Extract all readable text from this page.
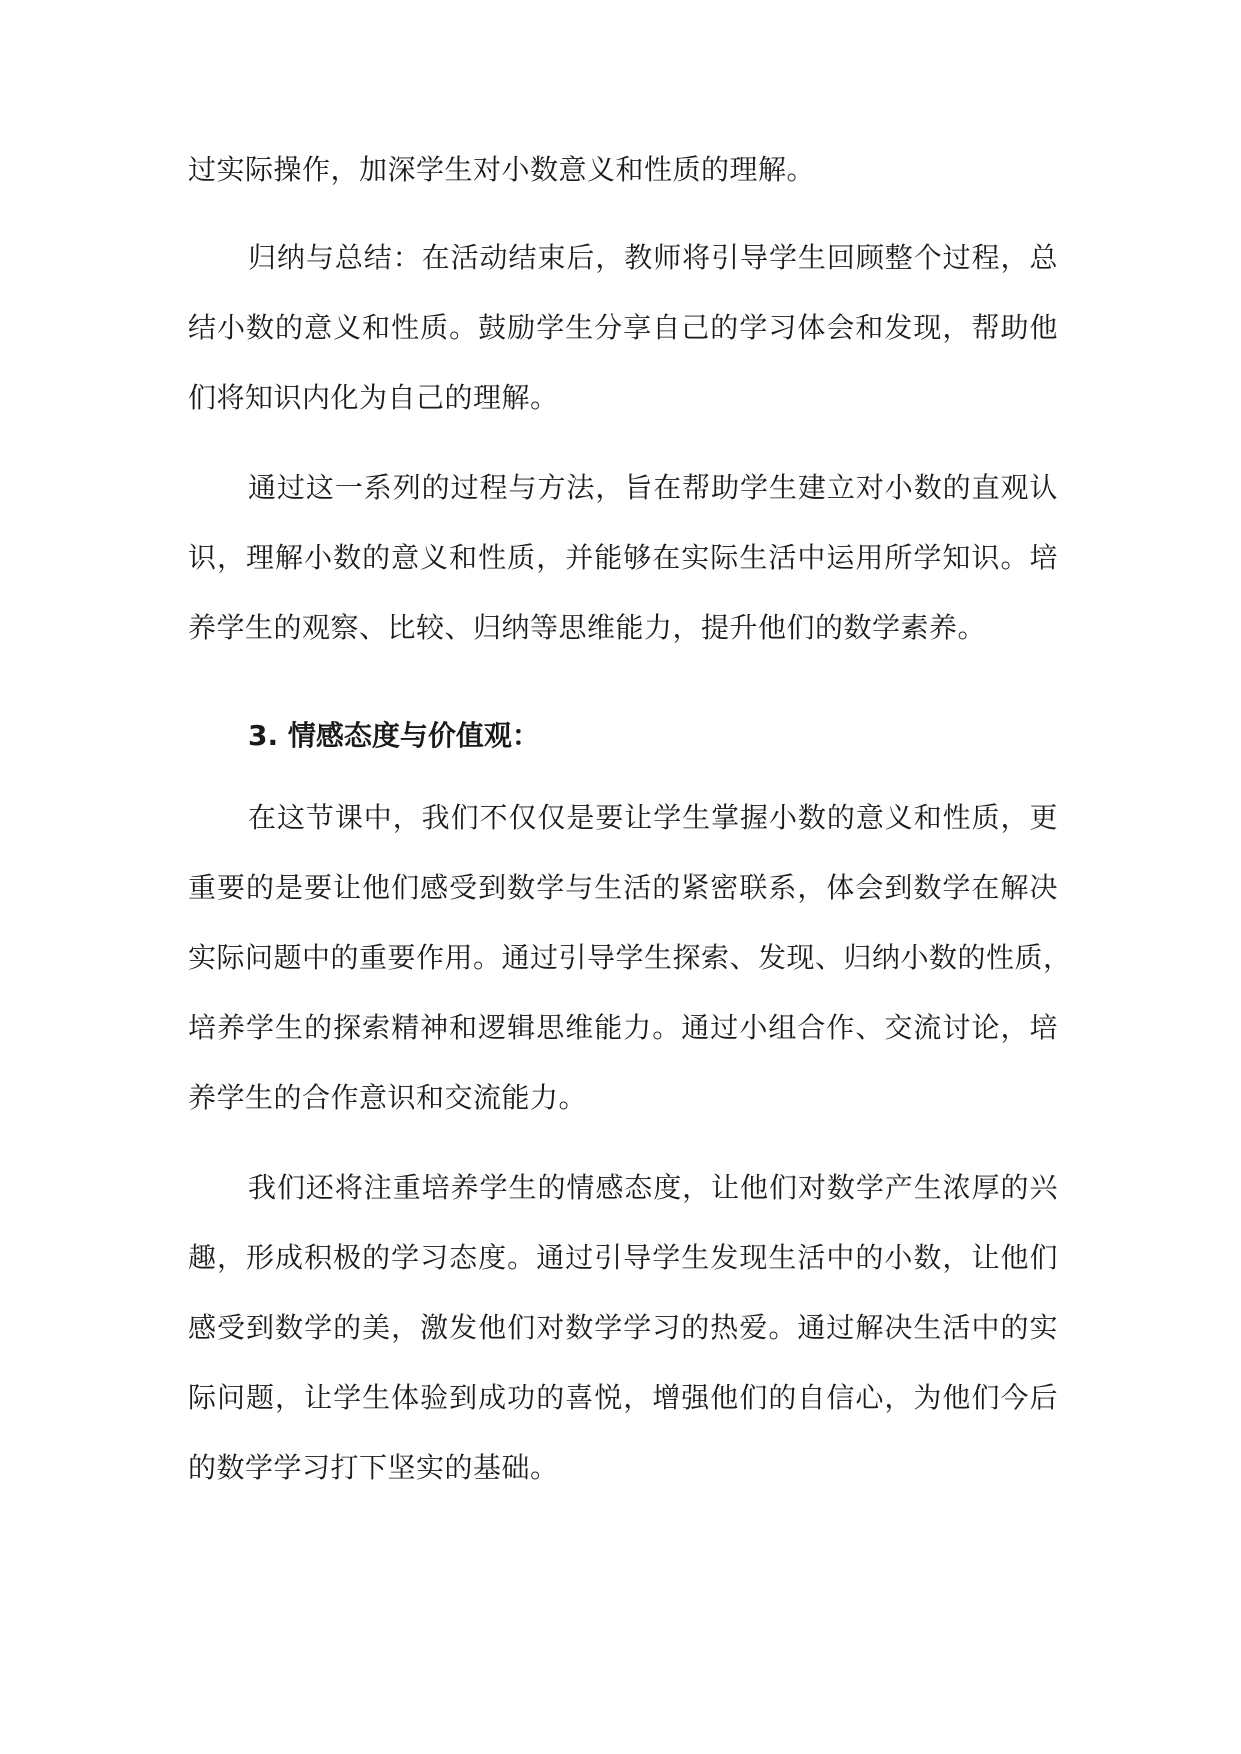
过实际操作，加深学生对小数意义和性质的理解。
归纳与总结：在活动结束后，教师将引导学生回顾整个过程，总
结小数的意义和性质。鼓励学生分享自己的学习体会和发现，帮助他
们将知识内化为自己的理解。
通过这一系列的过程与方法，旨在帮助学生建立对小数的直观认
识，理解小数的意义和性质，并能够在实际生活中运用所学知识。培
养学生的观察、比较、归纳等思维能力，提升他们的数学素养。
3. 情感态度与价值观：
在这节课中，我们不仅仅是要让学生掌握小数的意义和性质，更
重要的是要让他们感受到数学与生活的紧密联系，体会到数学在解决
实际问题中的重要作用。通过引导学生探索、发现、归纳小数的性质，
培养学生的探索精神和逻辑思维能力。通过小组合作、交流讨论，培
养学生的合作意识和交流能力。
我们还将注重培养学生的情感态度，让他们对数学产生浓厚的兴
趣，形成积极的学习态度。通过引导学生发现生活中的小数，让他们
感受到数学的美，激发他们对数学学习的热爱。通过解决生活中的实
际问题，让学生体验到成功的喜悦，增强他们的自信心，为他们今后
的数学学习打下坚实的基础。
